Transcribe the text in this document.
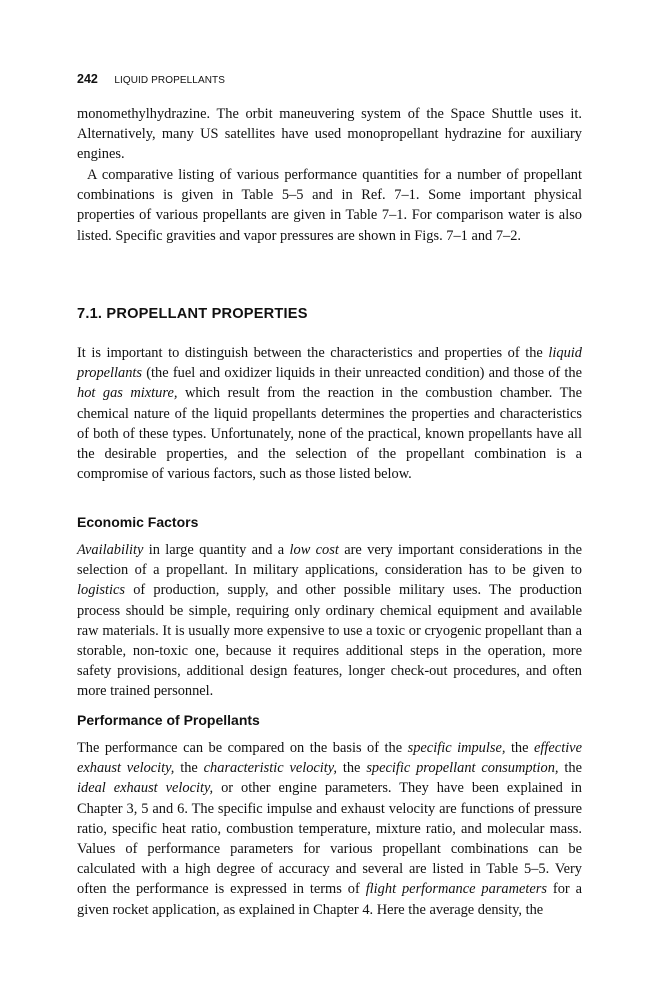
242 LIQUID PROPELLANTS

monomethylhydrazine. The orbit maneuvering system of the Space Shuttle uses it. Alternatively, many US satellites have used monopropellant hydrazine for auxiliary engines.

A comparative listing of various performance quantities for a number of propellant combinations is given in Table 5–5 and in Ref. 7–1. Some important physical properties of various propellants are given in Table 7–1. For comparison water is also listed. Specific gravities and vapor pressures are shown in Figs. 7–1 and 7–2.

7.1. PROPELLANT PROPERTIES

It is important to distinguish between the characteristics and properties of the liquid propellants (the fuel and oxidizer liquids in their unreacted condition) and those of the hot gas mixture, which result from the reaction in the combustion chamber. The chemical nature of the liquid propellants determines the properties and characteristics of both of these types. Unfortunately, none of the practical, known propellants have all the desirable properties, and the selection of the propellant combination is a compromise of various factors, such as those listed below.

Economic Factors

Availability in large quantity and a low cost are very important considerations in the selection of a propellant. In military applications, consideration has to be given to logistics of production, supply, and other possible military uses. The production process should be simple, requiring only ordinary chemical equipment and available raw materials. It is usually more expensive to use a toxic or cryogenic propellant than a storable, non-toxic one, because it requires additional steps in the operation, more safety provisions, additional design features, longer check-out procedures, and often more trained personnel.

Performance of Propellants

The performance can be compared on the basis of the specific impulse, the effective exhaust velocity, the characteristic velocity, the specific propellant consumption, the ideal exhaust velocity, or other engine parameters. They have been explained in Chapter 3, 5 and 6. The specific impulse and exhaust velocity are functions of pressure ratio, specific heat ratio, combustion temperature, mixture ratio, and molecular mass. Values of performance parameters for various propellant combinations can be calculated with a high degree of accuracy and several are listed in Table 5–5. Very often the performance is expressed in terms of flight performance parameters for a given rocket application, as explained in Chapter 4. Here the average density, the
